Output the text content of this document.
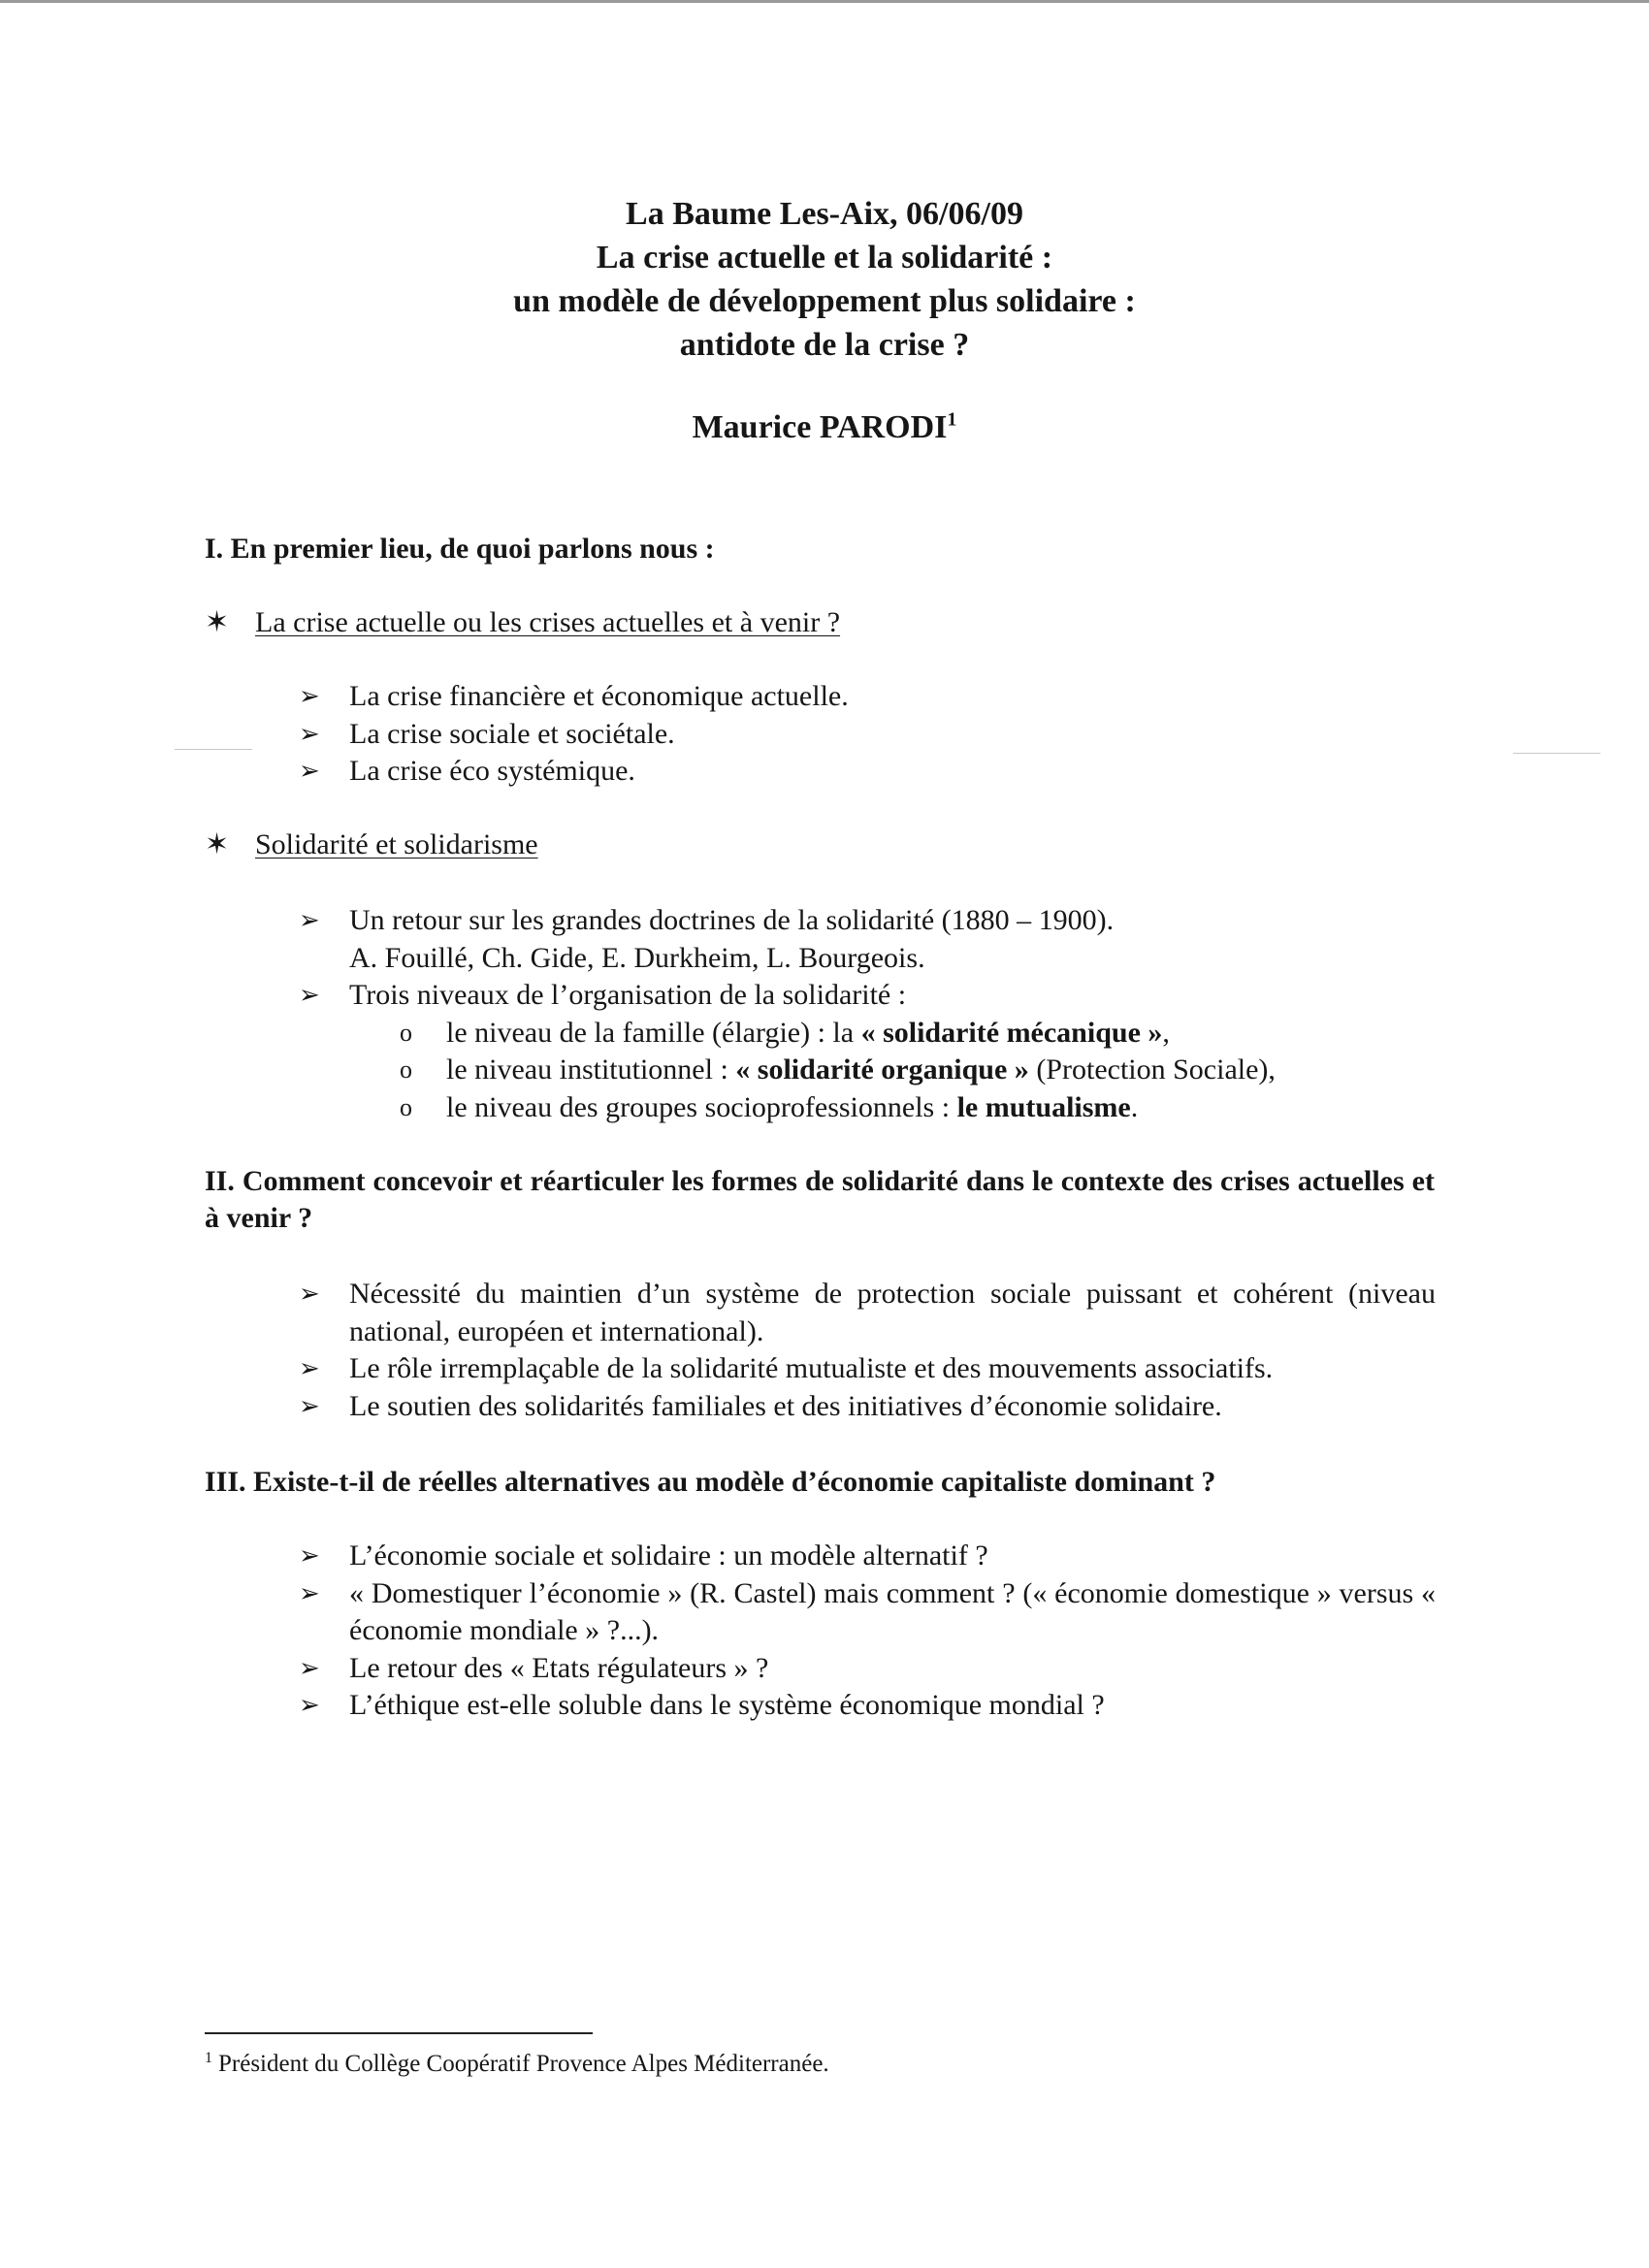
La Baume Les-Aix, 06/06/09
La crise actuelle et la solidarité :
un modèle de développement plus solidaire :
antidote de la crise ?
Maurice PARODI$^1$
I. En premier lieu, de quoi parlons nous :
✶ La crise actuelle ou les crises actuelles et à venir ?
➢ La crise financière et économique actuelle.
➢ La crise sociale et sociétale.
➢ La crise éco systémique.
✶ Solidarité et solidarisme
➢ Un retour sur les grandes doctrines de la solidarité (1880 – 1900).
A. Fouillé, Ch. Gide, E. Durkheim, L. Bourgeois.
➢ Trois niveaux de l’organisation de la solidarité :
o le niveau de la famille (élargie) : la « solidarité mécanique »,
o le niveau institutionnel : « solidarité organique » (Protection Sociale),
o le niveau des groupes socioprofessionnels : le mutualisme.
II. Comment concevoir et réarticuler les formes de solidarité dans le contexte des crises actuelles et à venir ?
➢ Nécessité du maintien d’un système de protection sociale puissant et cohérent (niveau national, européen et international).
➢ Le rôle irremplaçable de la solidarité mutualiste et des mouvements associatifs.
➢ Le soutien des solidarités familiales et des initiatives d’économie solidaire.
III. Existe-t-il de réelles alternatives au modèle d’économie capitaliste dominant ?
➢ L’économie sociale et solidaire : un modèle alternatif ?
➢ « Domestiquer l’économie » (R. Castel) mais comment ? (« économie domestique » versus « économie mondiale » ?...).
➢ Le retour des « Etats régulateurs » ?
➢ L’éthique est-elle soluble dans le système économique mondial ?
$^1$ Président du Collège Coopératif Provence Alpes Méditerranée.
